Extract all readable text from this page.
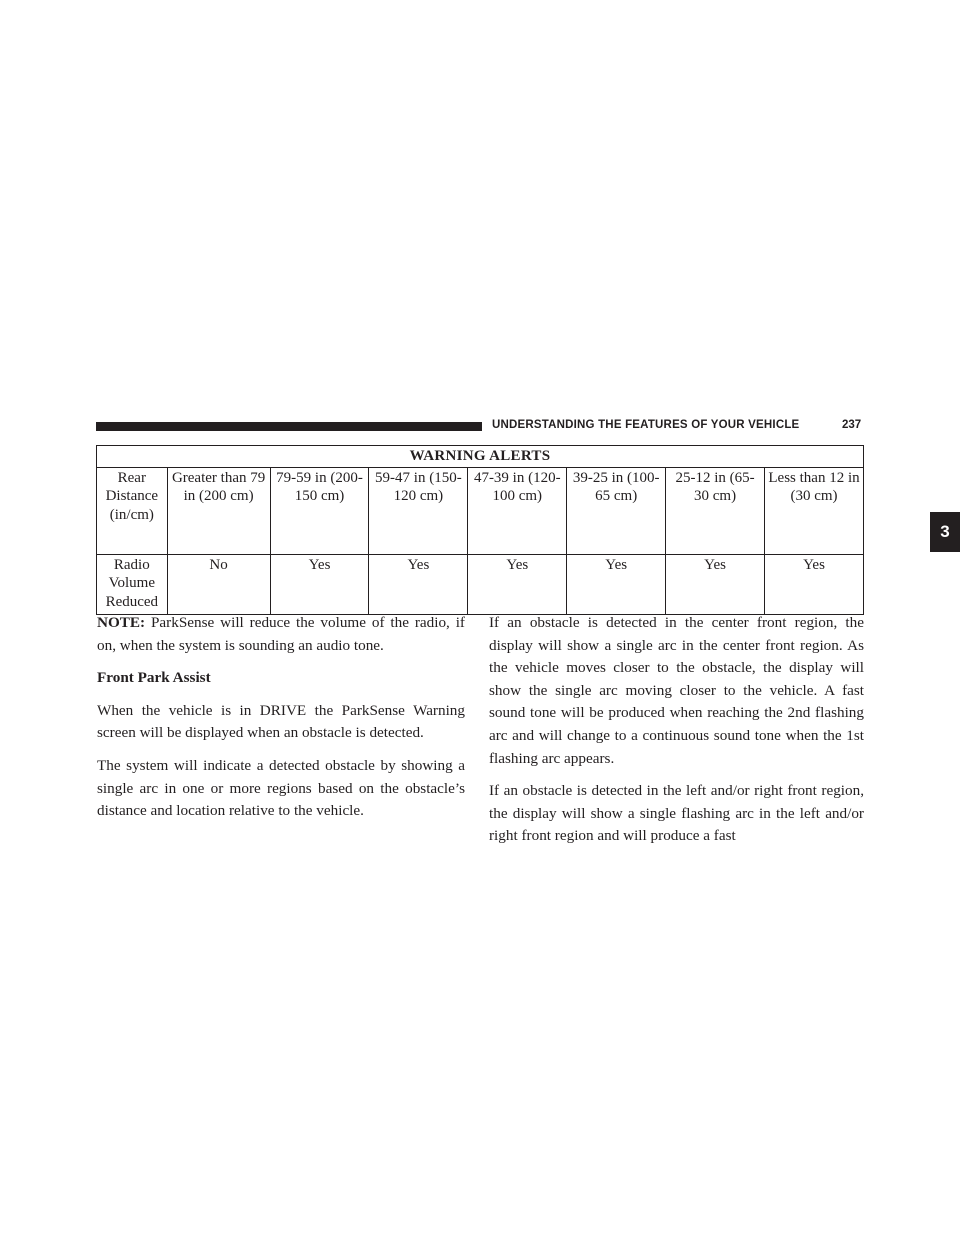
UNDERSTANDING THE FEATURES OF YOUR VEHICLE	237
3
WARNING ALERTS							
Rear Distance (in/cm)	Greater than 79 in (200 cm)	79-59 in (200-150 cm)	59-47 in (150-120 cm)	47-39 in (120-100 cm)	39-25 in (100-65 cm)	25-12 in (65-30 cm)	Less than 12 in (30 cm)
Radio Volume Reduced	No	Yes	Yes	Yes	Yes	Yes	Yes

NOTE: ParkSense will reduce the volume of the radio, if on, when the system is sounding an audio tone.

Front Park Assist

When the vehicle is in DRIVE the ParkSense Warning screen will be displayed when an obstacle is detected.

The system will indicate a detected obstacle by showing a single arc in one or more regions based on the obstacle’s distance and location relative to the vehicle.

If an obstacle is detected in the center front region, the display will show a single arc in the center front region. As the vehicle moves closer to the obstacle, the display will show the single arc moving closer to the vehicle. A fast sound tone will be produced when reaching the 2nd flashing arc and will change to a continuous sound tone when the 1st flashing arc appears.

If an obstacle is detected in the left and/or right front region, the display will show a single flashing arc in the left and/or right front region and will produce a fast
